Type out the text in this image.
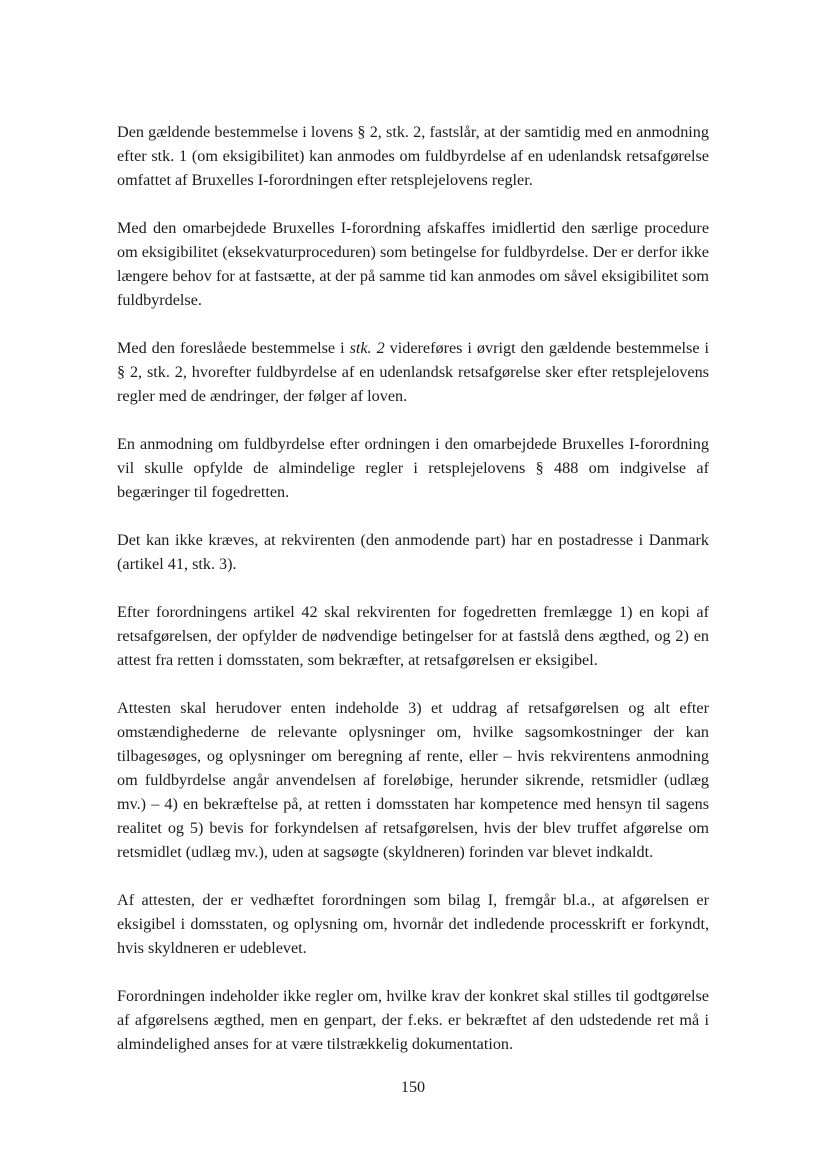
Den gældende bestemmelse i lovens § 2, stk. 2, fastslår, at der samtidig med en anmodning efter stk. 1 (om eksigibilitet) kan anmodes om fuldbyrdelse af en udenlandsk retsafgørelse omfattet af Bruxelles I-forordningen efter retsplejelovens regler.

Med den omarbejdede Bruxelles I-forordning afskaffes imidlertid den særlige procedure om eksigibilitet (eksekvaturproceduren) som betingelse for fuldbyrdelse. Der er derfor ikke længere behov for at fastsætte, at der på samme tid kan anmodes om såvel eksigibilitet som fuldbyrdelse.

Med den foreslåede bestemmelse i stk. 2 videreføres i øvrigt den gældende bestemmelse i § 2, stk. 2, hvorefter fuldbyrdelse af en udenlandsk retsafgørelse sker efter retsplejelovens regler med de ændringer, der følger af loven.

En anmodning om fuldbyrdelse efter ordningen i den omarbejdede Bruxelles I-forordning vil skulle opfylde de almindelige regler i retsplejelovens § 488 om indgivelse af begæringer til fogedretten.

Det kan ikke kræves, at rekvirenten (den anmodende part) har en postadresse i Danmark (artikel 41, stk. 3).

Efter forordningens artikel 42 skal rekvirenten for fogedretten fremlægge 1) en kopi af retsafgørelsen, der opfylder de nødvendige betingelser for at fastslå dens ægthed, og 2) en attest fra retten i domsstaten, som bekræfter, at retsafgørelsen er eksigibel.

Attesten skal herudover enten indeholde 3) et uddrag af retsafgørelsen og alt efter omstændighederne de relevante oplysninger om, hvilke sagsomkostninger der kan tilbagesøges, og oplysninger om beregning af rente, eller – hvis rekvirentens anmodning om fuldbyrdelse angår anvendelsen af foreløbige, herunder sikrende, retsmidler (udlæg mv.) – 4) en bekræftelse på, at retten i domsstaten har kompetence med hensyn til sagens realitet og 5) bevis for forkyndelsen af retsafgørelsen, hvis der blev truffet afgørelse om retsmidlet (udlæg mv.), uden at sagsøgte (skyldneren) forinden var blevet indkaldt.

Af attesten, der er vedhæftet forordningen som bilag I, fremgår bl.a., at afgørelsen er eksigibel i domsstaten, og oplysning om, hvornår det indledende processkrift er forkyndt, hvis skyldneren er udeblevet.

Forordningen indeholder ikke regler om, hvilke krav der konkret skal stilles til godtgørelse af afgørelsens ægthed, men en genpart, der f.eks. er bekræftet af den udstedende ret må i almindelighed anses for at være tilstrækkelig dokumentation.

150
